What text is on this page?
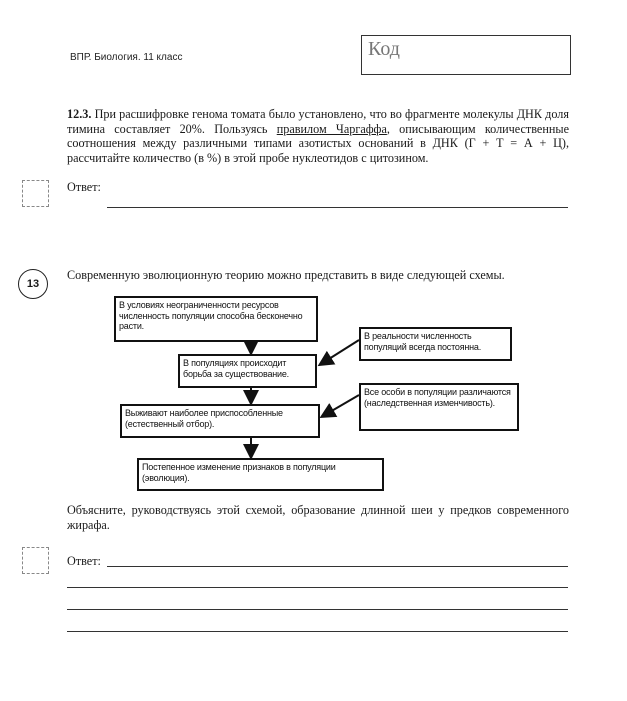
ВПР. Биология. 11 класс	Код
12.3. При расшифровке генома томата было установлено, что во фрагменте молекулы ДНК доля тимина составляет 20%. Пользуясь правилом Чаргаффа, описывающим количественные соотношения между различными типами азотистых оснований в ДНК (Г + Т = А + Ц), рассчитайте количество (в %) в этой пробе нуклеотидов с цитозином.
Ответ:
13
Современную эволюционную теорию можно представить в виде следующей схемы.
В условиях неограниченности ресурсов численность популяции способна бесконечно расти.
В популяциях происходит борьба за существование.
Выживают наиболее приспособленные (естественный отбор).
Постепенное изменение признаков в популяции (эволюция).
В реальности численность популяций всегда постоянна.
Все особи в популяции различаются (наследственная изменчивость).
Объясните, руководствуясь этой схемой, образование длинной шеи у предков современного жирафа.
Ответ:
